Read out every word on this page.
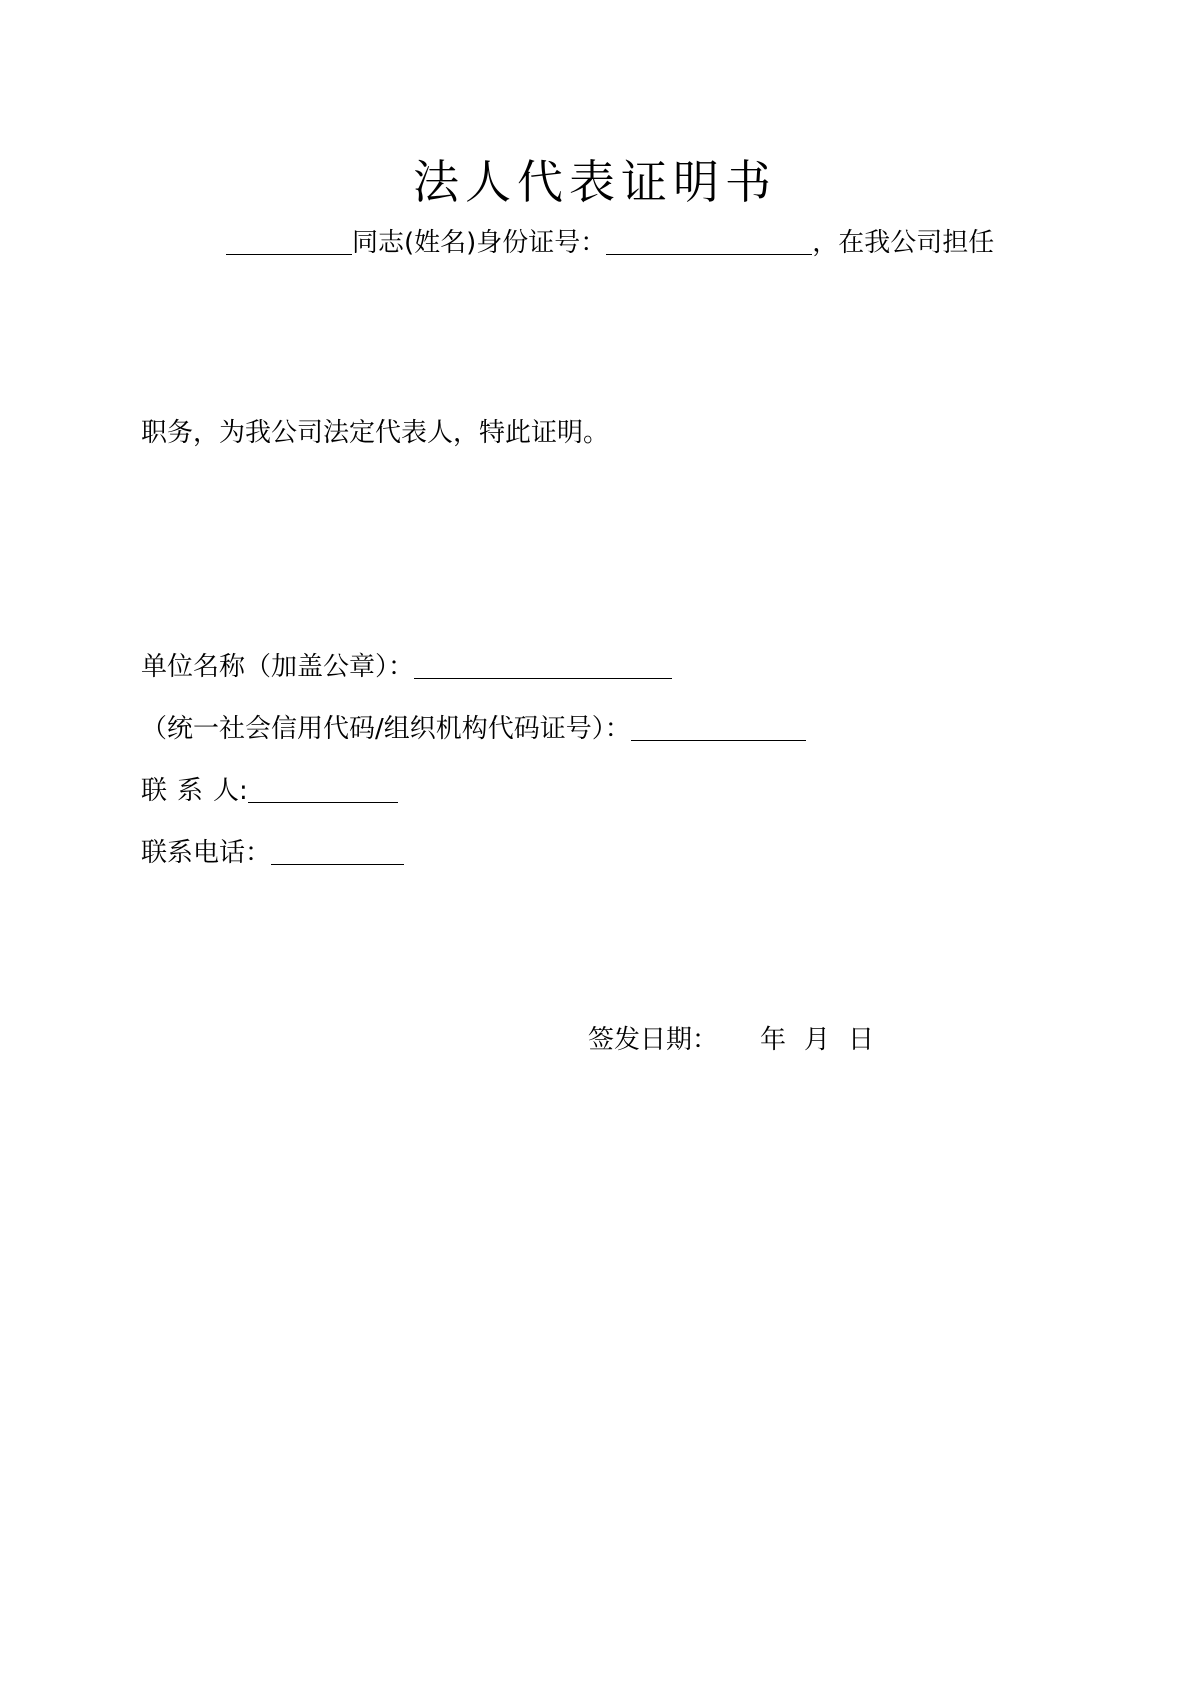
法人代表证明书
同志(姓名)身份证号：	，在我公司担任
职务，为我公司法定代表人，特此证明。
单位名称（加盖公章）：
（统一社会信用代码/组织机构代码证号）：
联 系 人:
联系电话：
签发日期： 年 月 日
